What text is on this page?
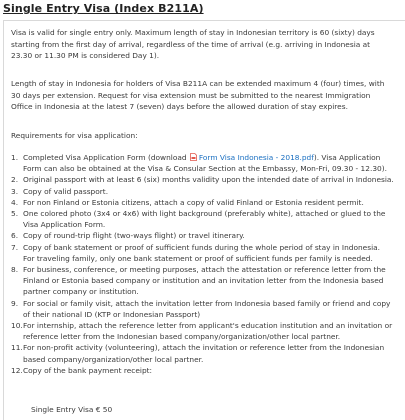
Single Entry Visa (Index B211A)
Visa is valid for single entry only. Maximum length of stay in Indonesian territory is 60 (sixty) days
starting from the first day of arrival, regardless of the time of arrival (e.g. arriving in Indonesia at
23.30 or 11.30 PM is considered Day 1).
Length of stay in Indonesia for holders of Visa B211A can be extended maximum 4 (four) times, with
30 days per extension. Request for visa extension must be submitted to the nearest Immigration
Office in Indonesia at the latest 7 (seven) days before the allowed duration of stay expires.
Requirements for visa application:
1. Completed Visa Application Form (download
Form Visa Indonesia - 2018.pdf). Visa Application
Form can also be obtained at the Visa & Consular Section at the Embassy, Mon-Fri, 09.30 - 12.30).
2. Original passport with at least 6 (six) months validity upon the intended date of arrival in Indonesia.
3. Copy of valid passport.
4. For non Finland or Estonia citizens, attach a copy of valid Finland or Estonia resident permit.
5. One colored photo (3x4 or 4x6) with light background (preferably white), attached or glued to the
Visa Application Form.
6. Copy of round-trip flight (two-ways flight) or travel itinerary.
7. Copy of bank statement or proof of sufficient funds during the whole period of stay in Indonesia.
For traveling family, only one bank statement or proof of sufficient funds per family is needed.
8. For business, conference, or meeting purposes, attach the attestation or reference letter from the
Finland or Estonia based company or institution and an invitation letter from the Indonesia based
partner company or institution.
9. For social or family visit, attach the invitation letter from Indonesia based family or friend and copy
of their national ID (KTP or Indonesian Passport)
10. For internship, attach the reference letter from applicant's education institution and an invitation or
reference letter from the Indonesian based company/organization/other local partner.
11. For non-profit activity (volunteering), attach the invitation or reference letter from the Indonesian
based company/organization/other local partner.
12. Copy of the bank payment receipt:
Single Entry Visa € 50
